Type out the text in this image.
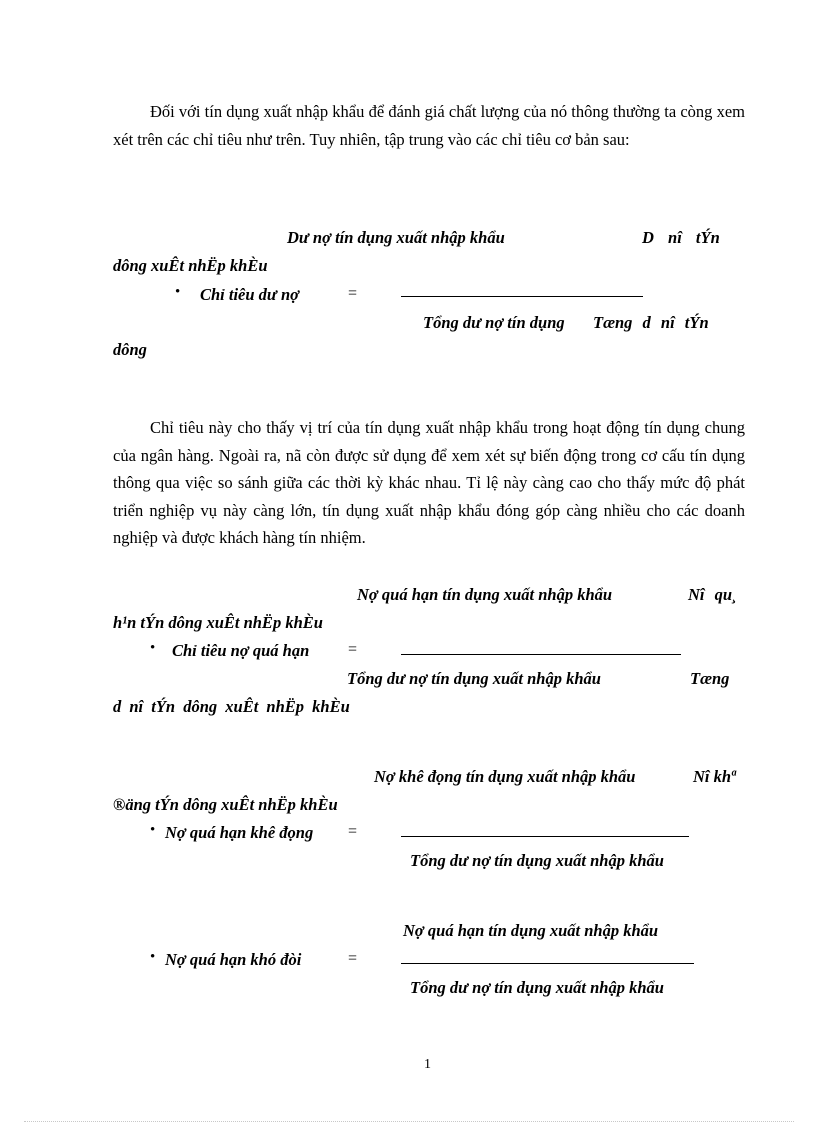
Đối với tín dụng xuất nhập khẩu để đánh giá chất lượng của nó thông thường ta còng xem xét trên các chỉ tiêu như trên. Tuy nhiên, tập trung vào các chỉ tiêu cơ bản sau:

Dư nợ tín dụng xuất nhập khẩu	D nî tÝn
dông xuÊt nhËp khÈu
• Chỉ tiêu dư nợ	=
Tổng dư nợ tín dụng Tæng d nî tÝn
dông

Chỉ tiêu này cho thấy vị trí của tín dụng xuất nhập khẩu trong hoạt động tín dụng chung của ngân hàng. Ngoài ra, nã còn được sử dụng để xem xét sự biến động trong cơ cấu tín dụng thông qua việc so sánh giữa các thời kỳ khác nhau. Tỉ lệ này càng cao cho thấy mức độ phát triển nghiệp vụ này càng lớn, tín dụng xuất nhập khẩu đóng góp càng nhiều cho các doanh nghiệp và được khách hàng tín nhiệm.

Nợ quá hạn tín dụng xuất nhập khẩu	Nî qu¸
h¹n tÝn dông xuÊt nhËp khÈu
• Chỉ tiêu nợ quá hạn =
Tổng dư nợ tín dụng xuất nhập khẩu	Tæng
d nî tÝn dông xuÊt nhËp khÈu
Nợ khê đọng tín dụng xuất nhập khẩu	Nî khª
®äng tÝn dông xuÊt nhËp khÈu
• Nợ quá hạn khê đọng =
Tổng dư nợ tín dụng xuất nhập khẩu
Nợ quá hạn tín dụng xuất nhập khẩu
• Nợ quá hạn khó đòi	=
Tổng dư nợ tín dụng xuất nhập khẩu
1
